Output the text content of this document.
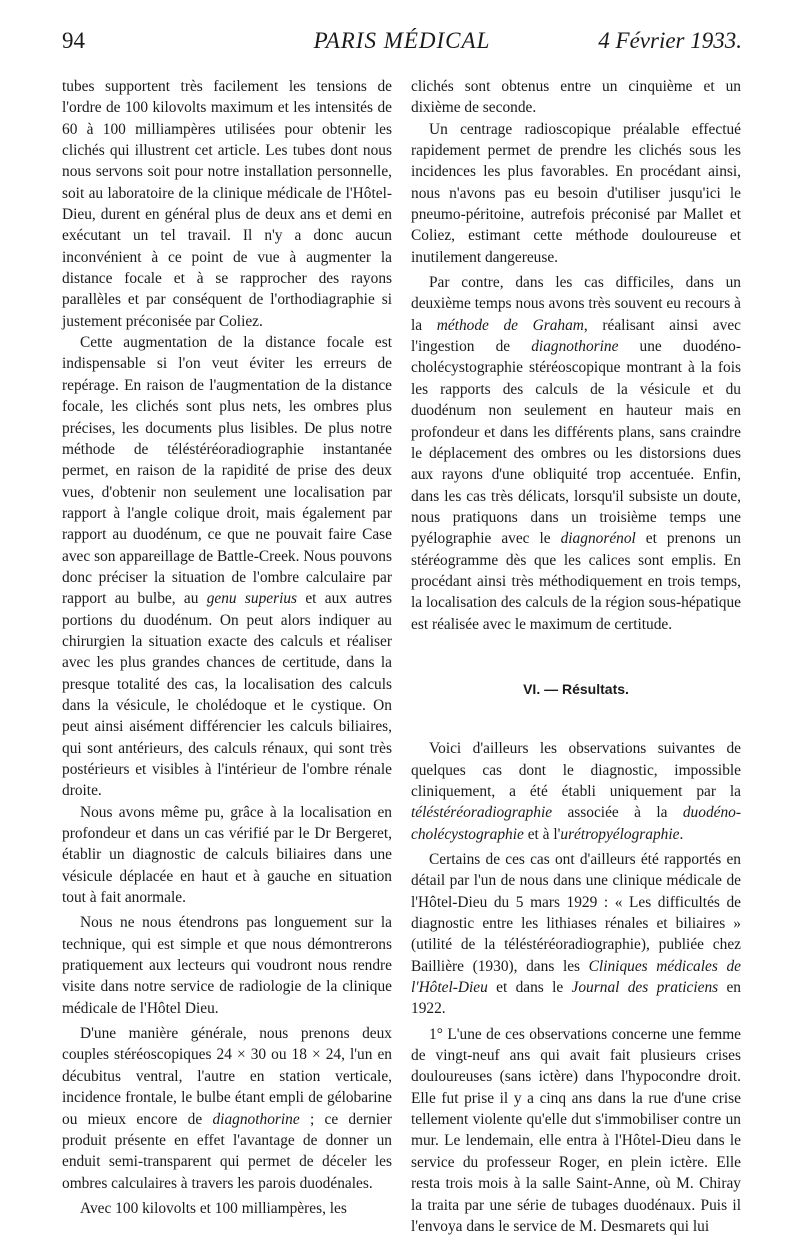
94	PARIS MÉDICAL	4 Février 1933.

tubes supportent très facilement les tensions de l'ordre de 100 kilovolts maximum et les intensités de 60 à 100 milliampères utilisées pour obtenir les clichés qui illustrent cet article. Les tubes dont nous nous servons soit pour notre installation personnelle, soit au laboratoire de la clinique médicale de l'Hôtel-Dieu, durent en général plus de deux ans et demi en exécutant un tel travail. Il n'y a donc aucun inconvénient à ce point de vue à augmenter la distance focale et à se rapprocher des rayons parallèles et par conséquent de l'orthodiagraphie si justement préconisée par Coliez.

Cette augmentation de la distance focale est indispensable si l'on veut éviter les erreurs de repérage. En raison de l'augmentation de la distance focale, les clichés sont plus nets, les ombres plus précises, les documents plus lisibles. De plus notre méthode de téléstéréoradiographie instantanée permet, en raison de la rapidité de prise des deux vues, d'obtenir non seulement une localisation par rapport à l'angle colique droit, mais également par rapport au duodénum, ce que ne pouvait faire Case avec son appareillage de Battle-Creek. Nous pouvons donc préciser la situation de l'ombre calculaire par rapport au bulbe, au genu superius et aux autres portions du duodénum. On peut alors indiquer au chirurgien la situation exacte des calculs et réaliser avec les plus grandes chances de certitude, dans la presque totalité des cas, la localisation des calculs dans la vésicule, le cholédoque et le cystique. On peut ainsi aisément différencier les calculs biliaires, qui sont antérieurs, des calculs rénaux, qui sont très postérieurs et visibles à l'intérieur de l'ombre rénale droite.

Nous avons même pu, grâce à la localisation en profondeur et dans un cas vérifié par le Dr Bergeret, établir un diagnostic de calculs biliaires dans une vésicule déplacée en haut et à gauche en situation tout à fait anormale.

Nous ne nous étendrons pas longuement sur la technique, qui est simple et que nous démontrerons pratiquement aux lecteurs qui voudront nous rendre visite dans notre service de radiologie de la clinique médicale de l'Hôtel Dieu.

D'une manière générale, nous prenons deux couples stéréoscopiques 24 × 30 ou 18 × 24, l'un en décubitus ventral, l'autre en station verticale, incidence frontale, le bulbe étant empli de gélobarine ou mieux encore de diagnothorine ; ce dernier produit présente en effet l'avantage de donner un enduit semi-transparent qui permet de déceler les ombres calculaires à travers les parois duodénales.

Avec 100 kilovolts et 100 milliampères, les

clichés sont obtenus entre un cinquième et un dixième de seconde.

Un centrage radioscopique préalable effectué rapidement permet de prendre les clichés sous les incidences les plus favorables. En procédant ainsi, nous n'avons pas eu besoin d'utiliser jusqu'ici le pneumo-péritoine, autrefois préconisé par Mallet et Coliez, estimant cette méthode douloureuse et inutilement dangereuse.

Par contre, dans les cas difficiles, dans un deuxième temps nous avons très souvent eu recours à la méthode de Graham, réalisant ainsi avec l'ingestion de diagnothorine une duodéno-cholécystographie stéréoscopique montrant à la fois les rapports des calculs de la vésicule et du duodénum non seulement en hauteur mais en profondeur et dans les différents plans, sans craindre le déplacement des ombres ou les distorsions dues aux rayons d'une obliquité trop accentuée. Enfin, dans les cas très délicats, lorsqu'il subsiste un doute, nous pratiquons dans un troisième temps une pyélographie avec le diagnorénol et prenons un stéréogramme dès que les calices sont emplis. En procédant ainsi très méthodiquement en trois temps, la localisation des calculs de la région sous-hépatique est réalisée avec le maximum de certitude.

VI. — Résultats.

Voici d'ailleurs les observations suivantes de quelques cas dont le diagnostic, impossible cliniquement, a été établi uniquement par la téléstéréoradiographie associée à la duodéno-cholécystographie et à l'urétropyélographie.

Certains de ces cas ont d'ailleurs été rapportés en détail par l'un de nous dans une clinique médicale de l'Hôtel-Dieu du 5 mars 1929 : « Les difficultés de diagnostic entre les lithiases rénales et biliaires » (utilité de la téléstéréoradiographie), publiée chez Baillière (1930), dans les Cliniques médicales de l'Hôtel-Dieu et dans le Journal des praticiens en 1922.

1° L'une de ces observations concerne une femme de vingt-neuf ans qui avait fait plusieurs crises douloureuses (sans ictère) dans l'hypocondre droit. Elle fut prise il y a cinq ans dans la rue d'une crise tellement violente qu'elle dut s'immobiliser contre un mur. Le lendemain, elle entra à l'Hôtel-Dieu dans le service du professeur Roger, en plein ictère. Elle resta trois mois à la salle Saint-Anne, où M. Chiray la traita par une série de tubages duodénaux. Puis il l'envoya dans le service de M. Desmarets qui lui
